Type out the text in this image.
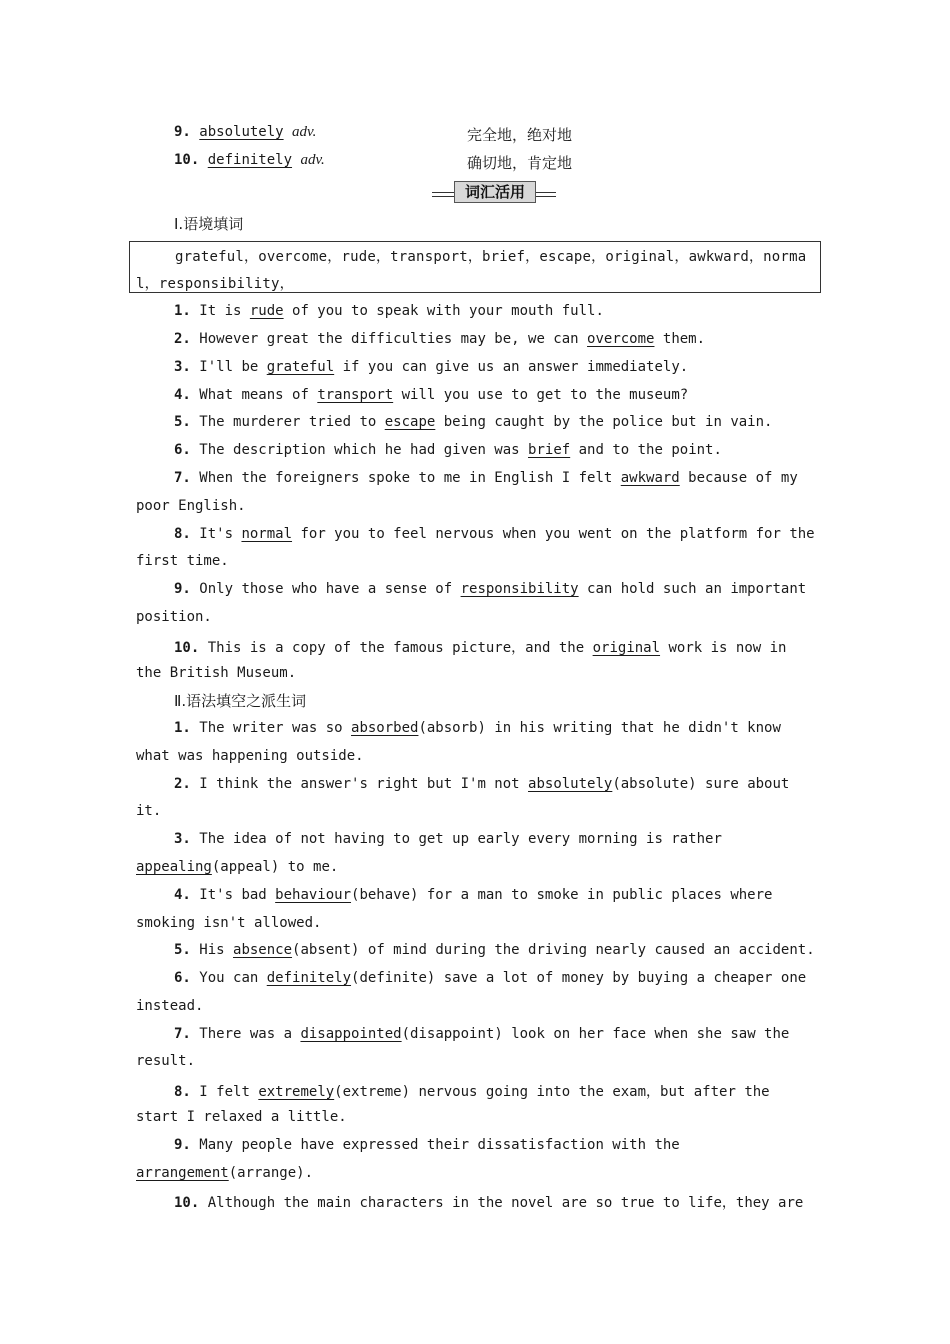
9. absolutely adv.	完全地，绝对地
10. definitely adv.	确切地，肯定地
词汇活用
Ⅰ.语境填词

grateful，overcome，rude，transport，brief，escape，original，awkward，norma

l，responsibility，

1. It is rude of you to speak with your mouth full.
2. However great the difficulties may be, we can overcome them.
3. I'll be grateful if you can give us an answer immediately.
4. What means of transport will you use to get to the museum?
5. The murderer tried to escape being caught by the police but in vain.
6. The description which he had given was brief and to the point.
7. When the foreigners spoke to me in English I felt awkward because of my
poor English.
8. It's normal for you to feel nervous when you went on the platform for the
first time.
9. Only those who have a sense of responsibility can hold such an important
position.
10. This is a copy of the famous picture，and the original work is now in
the British Museum.
Ⅱ.语法填空之派生词
1. The writer was so absorbed(absorb) in his writing that he didn't know
what was happening outside.
2. I think the answer's right but I'm not absolutely(absolute) sure about
it.
3. The idea of not having to get up early every morning is rather
appealing(appeal) to me.
4. It's bad behaviour(behave) for a man to smoke in public places where
smoking isn't allowed.
5. His absence(absent) of mind during the driving nearly caused an accident.
6. You can definitely(definite) save a lot of money by buying a cheaper one
instead.
7. There was a disappointed(disappoint) look on her face when she saw the
result.
8. I felt extremely(extreme) nervous going into the exam，but after the
start I relaxed a little.
9. Many people have expressed their dissatisfaction with the
arrangement(arrange).
10. Although the main characters in the novel are so true to life，they are
